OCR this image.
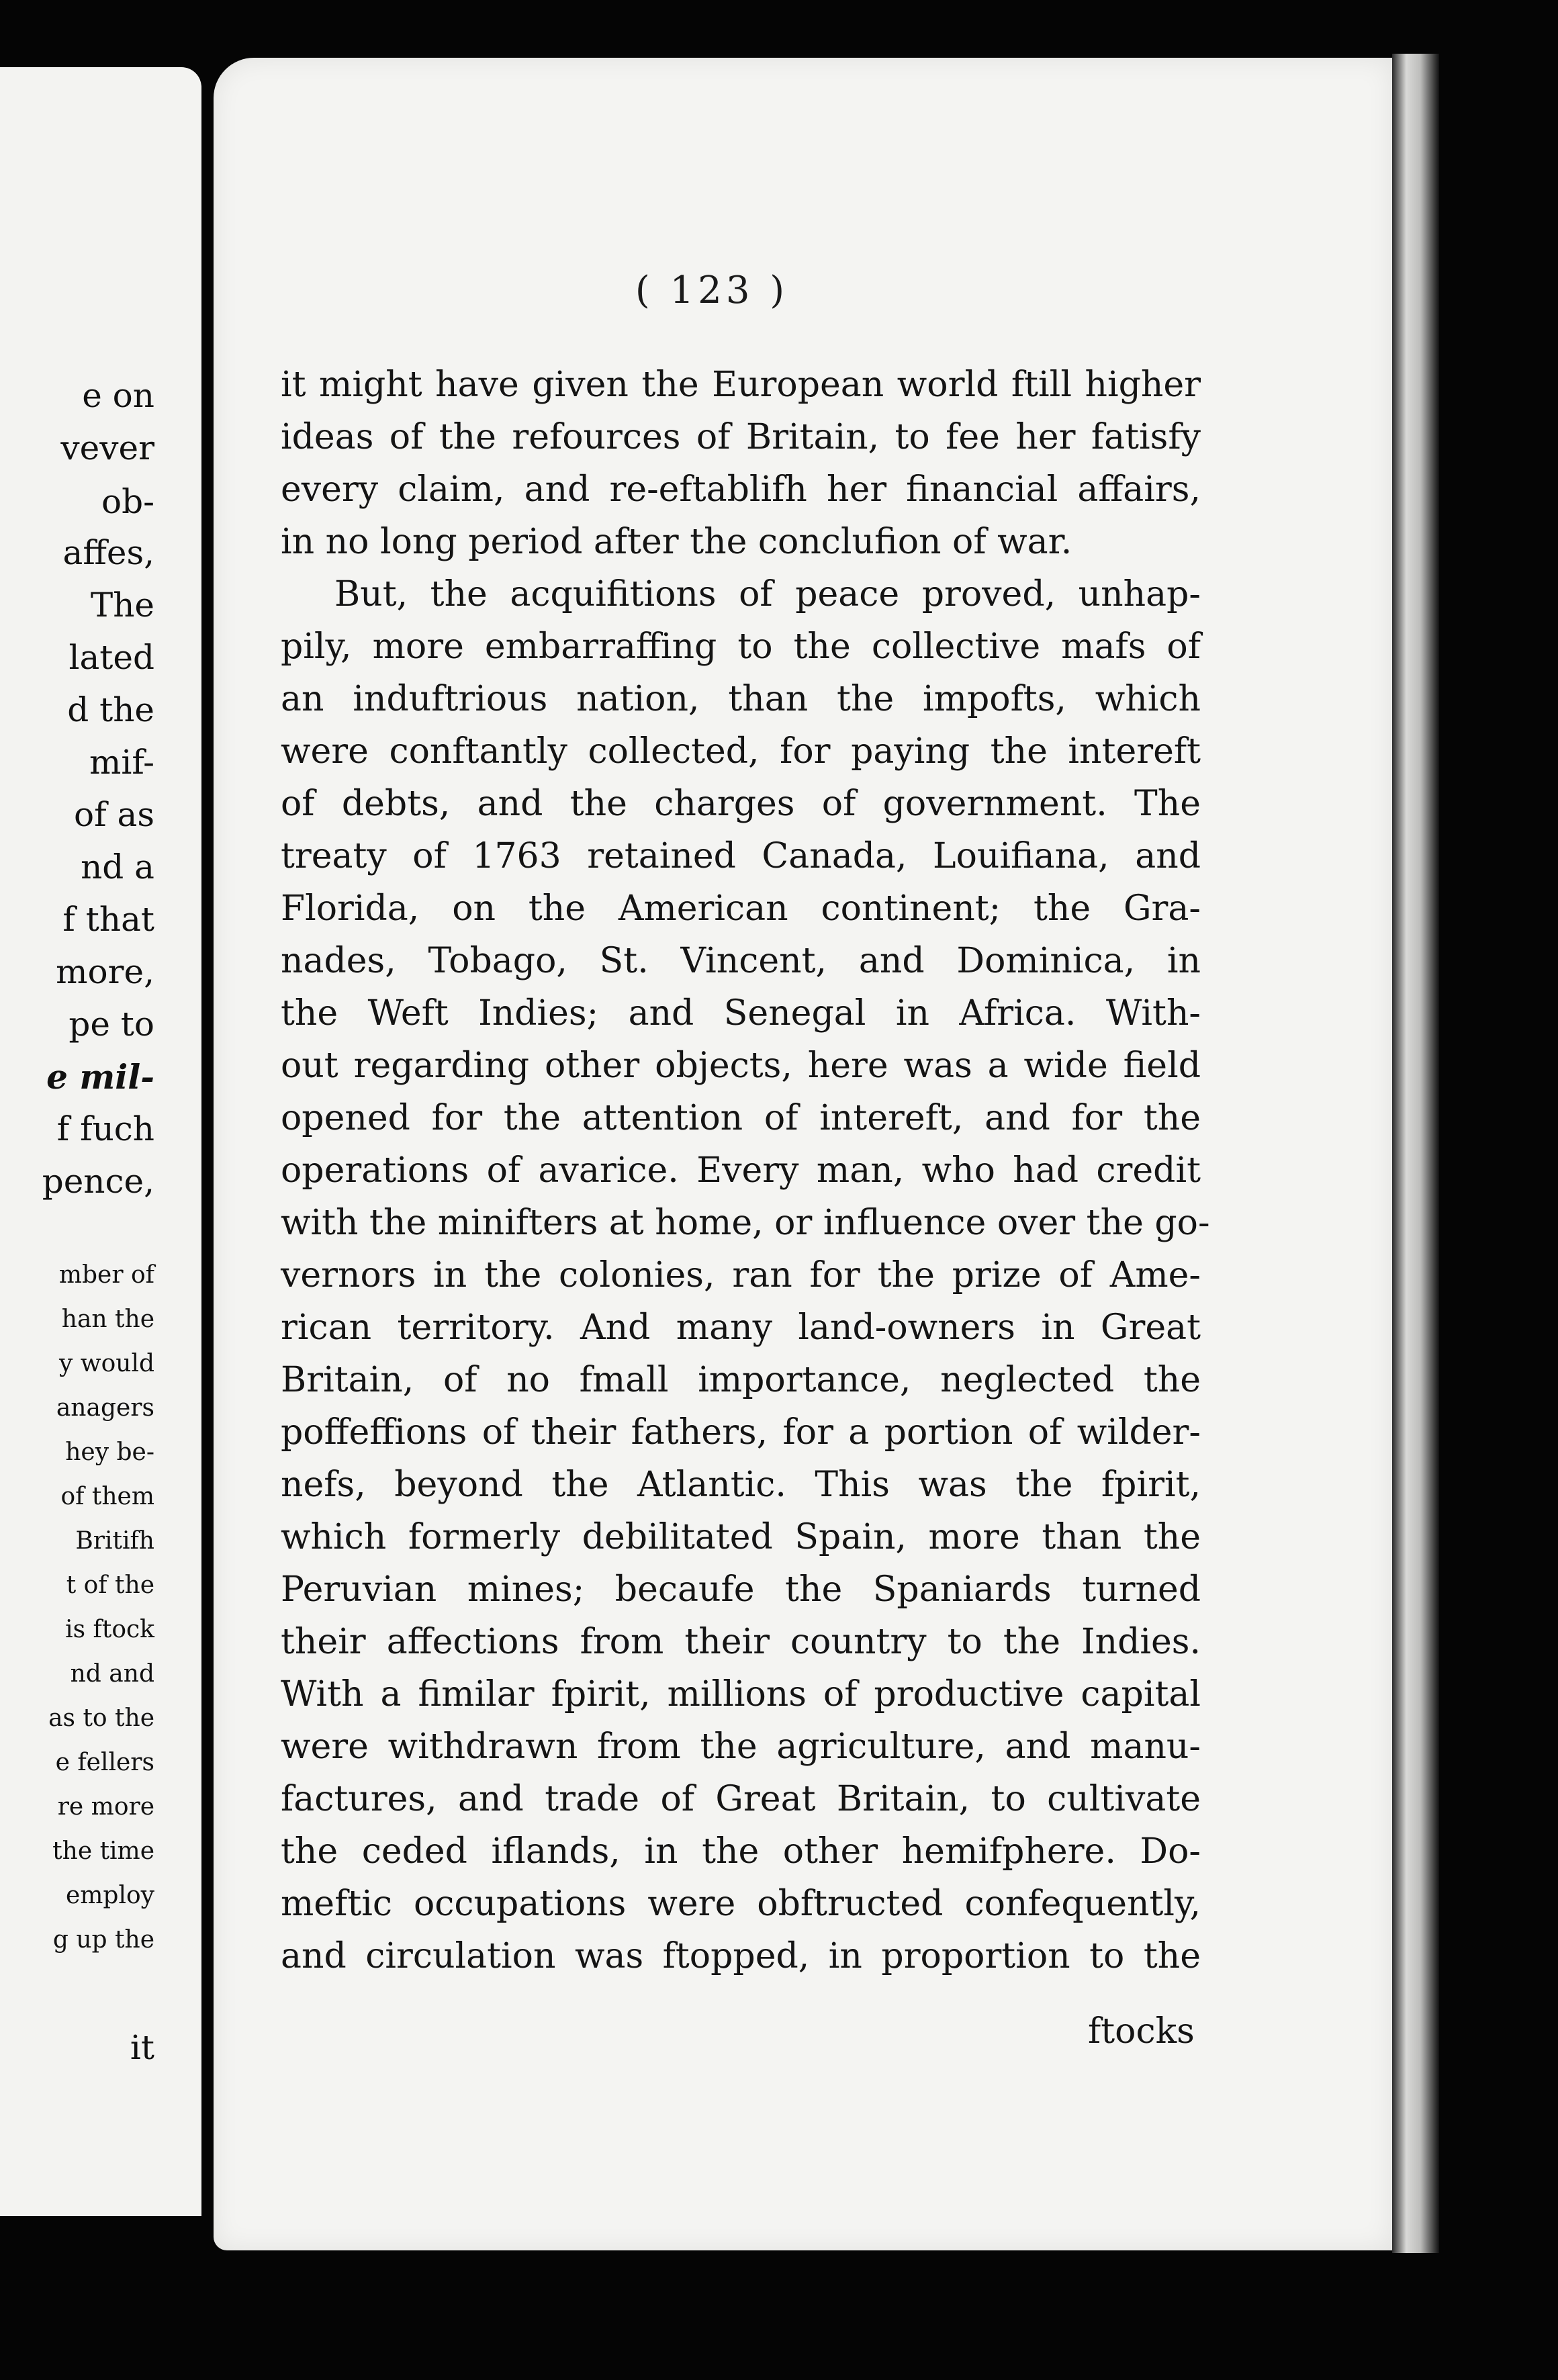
e on
vever
ob-
affes,
The
lated
d the
mif-
of as
nd a
f that
more,
pe to
e mil-
f fuch
pence,
mber of
han the
y would
anagers
hey be-
of them
Britifh
t of the
is ftock
nd and
as to the
e fellers
re more
the time
employ
g up the
it
( 123 )
it might have given the European world ftill higher
ideas of the refources of Britain, to fee her fatisfy
every claim, and re-eftablifh her financial affairs,
in no long period after the conclufion of war.
But, the acquifitions of peace proved, unhap-
pily, more embarraffing to the collective mafs of
an induftrious nation, than the impofts, which
were conftantly collected, for paying the intereft
of debts, and the charges of government. The
treaty of 1763 retained Canada, Louifiana, and
Florida, on the American continent; the Gra-
nades, Tobago, St. Vincent, and Dominica, in
the Weft Indies; and Senegal in Africa. With-
out regarding other objects, here was a wide field
opened for the attention of intereft, and for the
operations of avarice. Every man, who had credit
with the minifters at home, or influence over the go-
vernors in the colonies, ran for the prize of Ame-
rican territory. And many land-owners in Great
Britain, of no fmall importance, neglected the
poffeffions of their fathers, for a portion of wilder-
nefs, beyond the Atlantic. This was the fpirit,
which formerly debilitated Spain, more than the
Peruvian mines; becaufe the Spaniards turned
their affections from their country to the Indies.
With a fimilar fpirit, millions of productive capital
were withdrawn from the agriculture, and manu-
factures, and trade of Great Britain, to cultivate
the ceded iflands, in the other hemifphere. Do-
meftic occupations were obftructed confequently,
and circulation was ftopped, in proportion to the
ftocks
